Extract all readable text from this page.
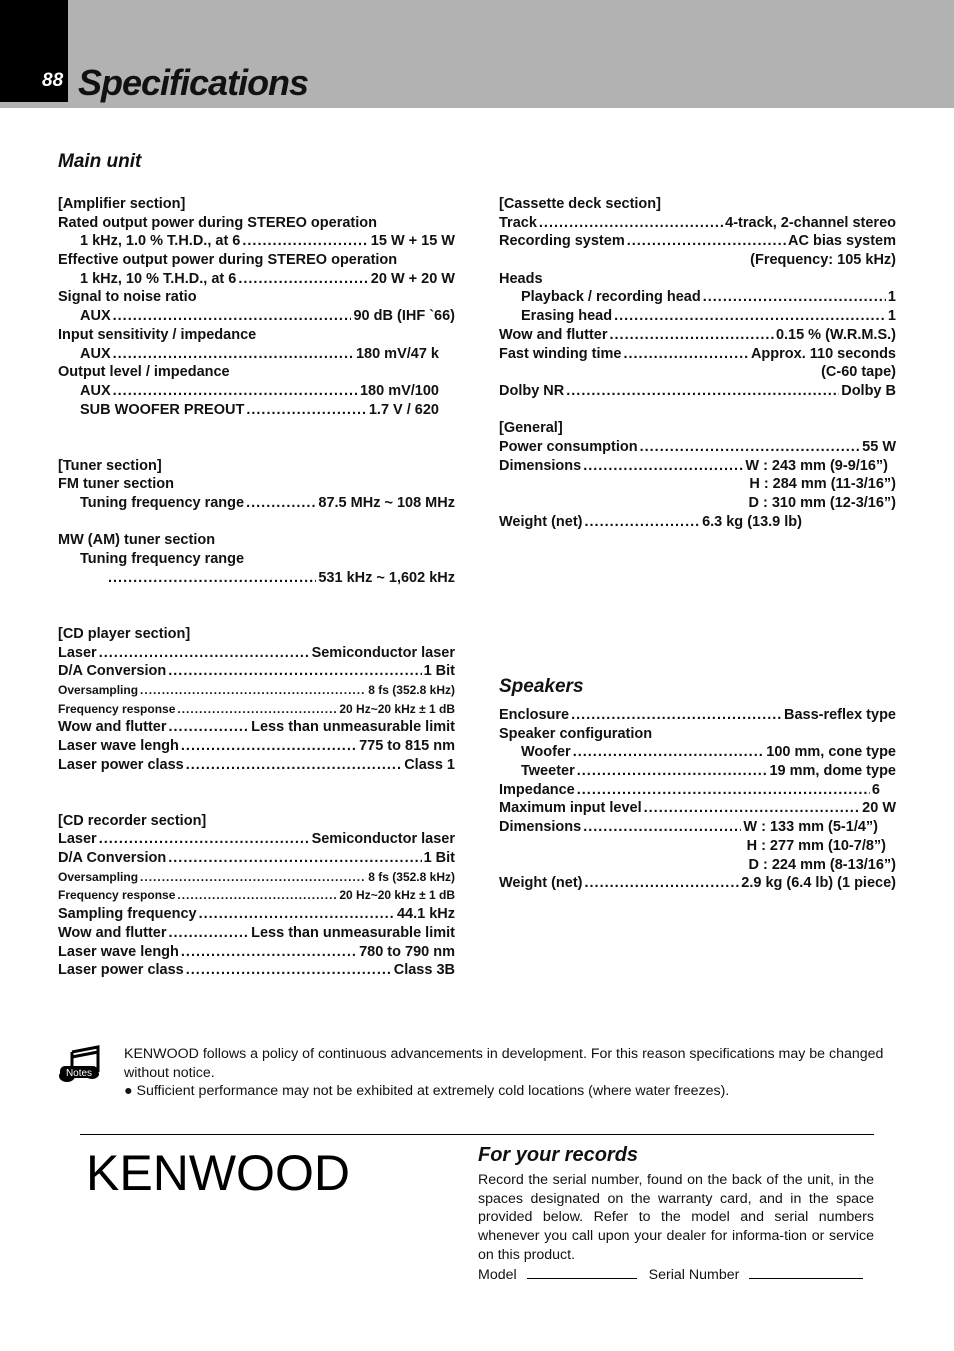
88 Specifications
Main unit
[Amplifier section]
Rated output power during STEREO operation
1 kHz, 1.0 % T.H.D., at 6 .....	15 W + 15 W
Effective output power during STEREO operation
1 kHz, 10 % T.H.D., at 6 .....	20 W + 20 W
Signal to noise ratio
AUX .....	90 dB (IHF `66)
Input sensitivity / impedance
AUX .....	180 mV/47 k
Output level / impedance
AUX .....	180 mV/100
SUB WOOFER PREOUT .....	1.7 V / 620
[Tuner section]
FM tuner section
Tuning frequency range .....	87.5 MHz ~ 108 MHz
MW (AM) tuner section
Tuning frequency range
.....
531 kHz ~ 1,602 kHz
[CD player section]
Laser .....	Semiconductor laser
D/A Conversion .....	1 Bit
Oversampling .....	8 fs (352.8 kHz)
Frequency response .....	20 Hz~20 kHz ± 1 dB
Wow and flutter .....	Less than unmeasurable limit
Laser wave lengh .....	775 to 815 nm
Laser power class .....	Class 1
[CD recorder section]
Laser .....	Semiconductor laser
D/A Conversion .....	1 Bit
Oversampling .....	8 fs (352.8 kHz)
Frequency response .....	20 Hz~20 kHz ± 1 dB
Sampling frequency .....	44.1 kHz
Wow and flutter .....	Less than unmeasurable limit
Laser wave lengh .....	780 to 790 nm
Laser power class .....	Class 3B
[Cassette deck section]
Track .....	4-track, 2-channel stereo
Recording system .....	AC bias system
(Frequency: 105 kHz)
Heads
Playback / recording head .....	1
Erasing head .....	1
Wow and flutter .....	0.15 % (W.R.M.S.)
Fast winding time .....	Approx. 110 seconds
(C-60 tape)
Dolby NR .....	Dolby B
[General]
Power consumption .....	55 W
Dimensions .....	W : 243 mm (9-9/16”)
H : 284 mm (11-3/16”)
D : 310 mm (12-3/16”)
Weight (net) .....	6.3 kg (13.9 lb)
Speakers
Enclosure .....	Bass-reflex type
Speaker configuration
Woofer .....	100 mm, cone type
Tweeter .....	19 mm, dome type
Impedance .....	6
Maximum input level .....	20 W
Dimensions .....	W : 133 mm (5-1/4”)
H : 277 mm (10-7/8”)
D : 224 mm (8-13/16”)
Weight (net) .....	2.9 kg (6.4 lb) (1 piece)
Notes
KENWOOD follows a policy of continuous advancements in development. For this reason specifications may be changed without notice.
● Sufficient performance may not be exhibited at extremely cold locations (where water freezes).
KENWOOD	For your records
Record the serial number, found on the back of the unit, in the spaces designated on the warranty card, and in the space provided below. Refer to the model and serial numbers whenever you call upon your dealer for informa-tion or service on this product.
Model	Serial Number
